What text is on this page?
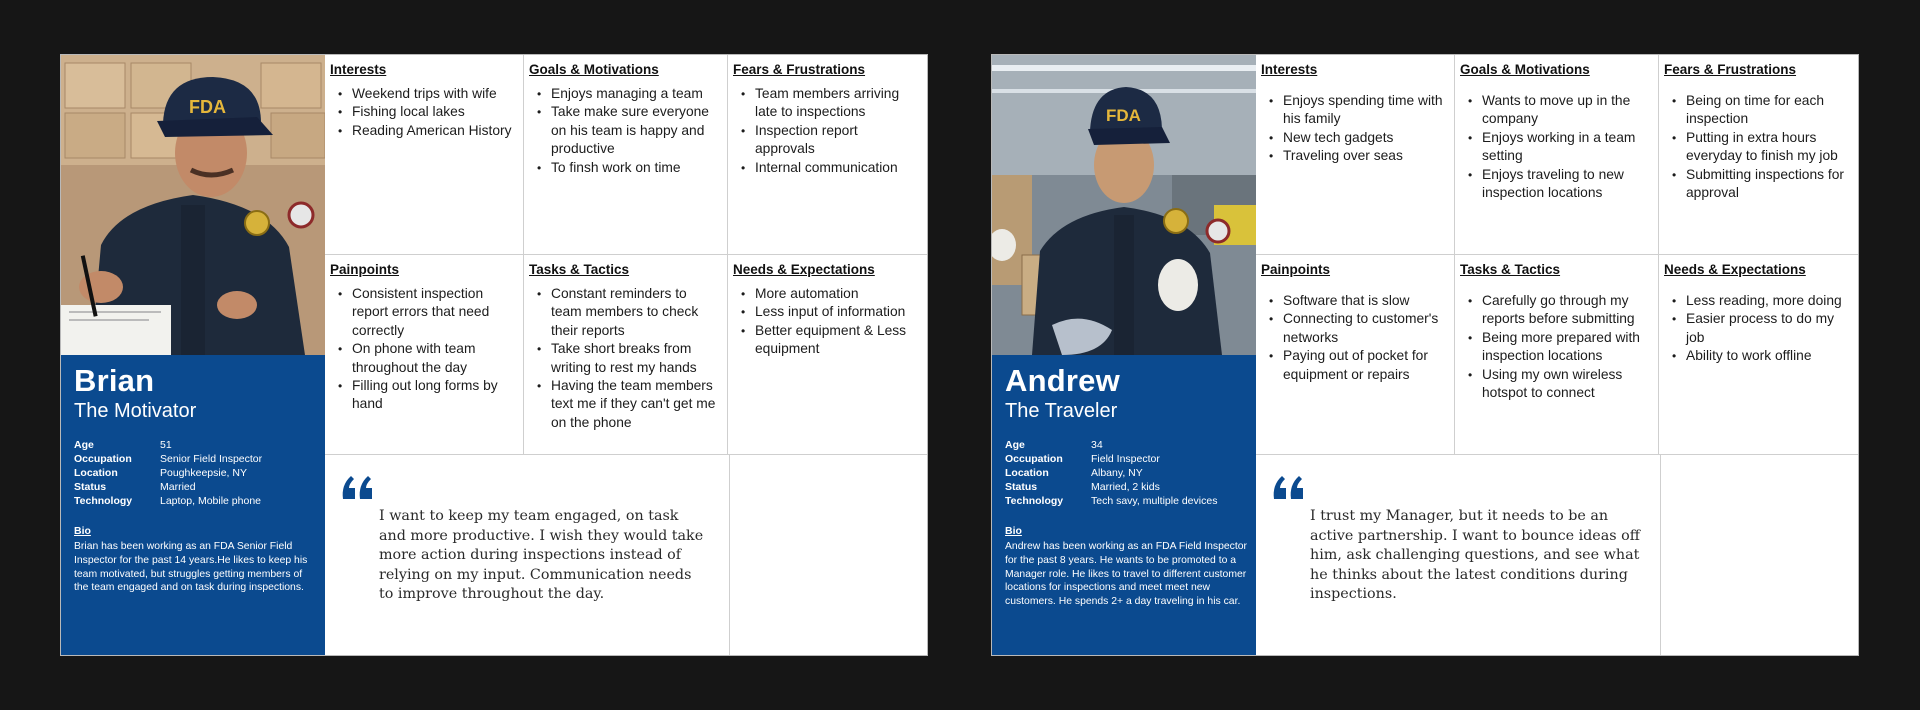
FDA
Brian
The Motivator
Age	51
Occupation	Senior Field Inspector
Location	Poughkeepsie, NY
Status	Married
Technology	Laptop, Mobile phone
Bio
Brian has been working as an FDA Senior Field Inspector for the past 14 years.He likes to keep his team motivated, but struggles getting members of the team engaged and on task during inspections.
Interests
• Weekend trips with wife
• Fishing local lakes
• Reading American History
Goals & Motivations
• Enjoys managing a team
• Take make sure everyone on his team is happy and productive
• To finsh work on time
Fears & Frustrations
• Team members arriving late to inspections
• Inspection report approvals
• Internal communication
Painpoints
• Consistent inspection report errors that need correctly
• On phone with team throughout the day
• Filling out long forms by hand
Tasks & Tactics
• Constant reminders to team members to check their reports
• Take short breaks from writing to rest my hands
• Having the team members text me if they can't get me on the phone
Needs & Expectations
• More automation
• Less input of information
• Better equipment & Less equipment
I want to keep my team engaged, on task and more productive. I wish they would take more action during inspections instead of relying on my input. Communication needs to improve throughout the day.
FDA
Andrew
The Traveler
Age	34
Occupation	Field Inspector
Location	Albany, NY
Status	Married, 2 kids
Technology	Tech savy, multiple devices
Bio
Andrew has been working as an FDA Field Inspector for the past 8 years. He wants to be promoted to a Manager role. He likes to travel to different customer locations for inspections and meet meet new customers. He spends 2+ a day traveling in his car.
Interests
• Enjoys spending time with his family
• New tech gadgets
• Traveling over seas
Goals & Motivations
• Wants to move up in the company
• Enjoys working in a team setting
• Enjoys traveling to new inspection locations
Fears & Frustrations
• Being on time for each inspection
• Putting in extra hours everyday to finish my job
• Submitting inspections for approval
Painpoints
• Software that is slow
• Connecting to customer's networks
• Paying out of pocket for equipment or repairs
Tasks & Tactics
• Carefully go through my reports before submitting
• Being more prepared with inspection locations
• Using my own wireless hotspot to connect
Needs & Expectations
• Less reading, more doing
• Easier process to do my job
• Ability to work offline
I trust my Manager, but it needs to be an active partnership. I want to bounce ideas off him, ask challenging questions, and see what he thinks about the latest conditions during inspections.
